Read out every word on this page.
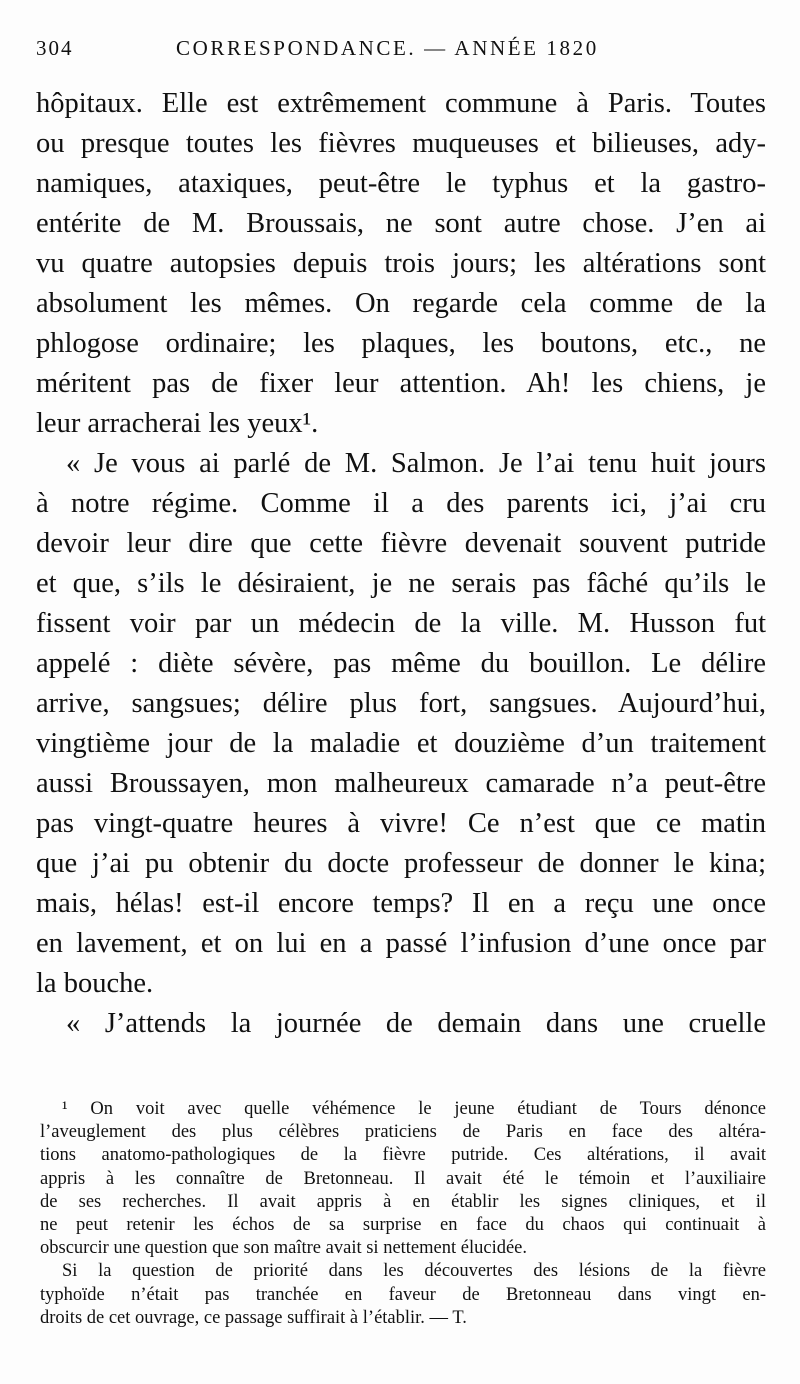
304	CORRESPONDANCE. — ANNÉE 1820
hôpitaux. Elle est extrêmement commune à Paris. Toutes
ou presque toutes les fièvres muqueuses et bilieuses, ady-
namiques, ataxiques, peut-être le typhus et la gastro-
entérite de M. Broussais, ne sont autre chose. J’en ai
vu quatre autopsies depuis trois jours; les altérations sont
absolument les mêmes. On regarde cela comme de la
phlogose ordinaire; les plaques, les boutons, etc., ne
méritent pas de fixer leur attention. Ah! les chiens, je
leur arracherai les yeux¹.
« Je vous ai parlé de M. Salmon. Je l’ai tenu huit jours
à notre régime. Comme il a des parents ici, j’ai cru
devoir leur dire que cette fièvre devenait souvent putride
et que, s’ils le désiraient, je ne serais pas fâché qu’ils le
fissent voir par un médecin de la ville. M. Husson fut
appelé : diète sévère, pas même du bouillon. Le délire
arrive, sangsues; délire plus fort, sangsues. Aujourd’hui,
vingtième jour de la maladie et douzième d’un traitement
aussi Broussayen, mon malheureux camarade n’a peut-être
pas vingt-quatre heures à vivre! Ce n’est que ce matin
que j’ai pu obtenir du docte professeur de donner le kina;
mais, hélas! est-il encore temps? Il en a reçu une once
en lavement, et on lui en a passé l’infusion d’une once par
la bouche.
« J’attends la journée de demain dans une cruelle
¹ On voit avec quelle véhémence le jeune étudiant de Tours dénonce
l’aveuglement des plus célèbres praticiens de Paris en face des altéra-
tions anatomo-pathologiques de la fièvre putride. Ces altérations, il avait
appris à les connaître de Bretonneau. Il avait été le témoin et l’auxiliaire
de ses recherches. Il avait appris à en établir les signes cliniques, et il
ne peut retenir les échos de sa surprise en face du chaos qui continuait à
obscurcir une question que son maître avait si nettement élucidée.
Si la question de priorité dans les découvertes des lésions de la fièvre
typhoïde n’était pas tranchée en faveur de Bretonneau dans vingt en-
droits de cet ouvrage, ce passage suffirait à l’établir. — T.
